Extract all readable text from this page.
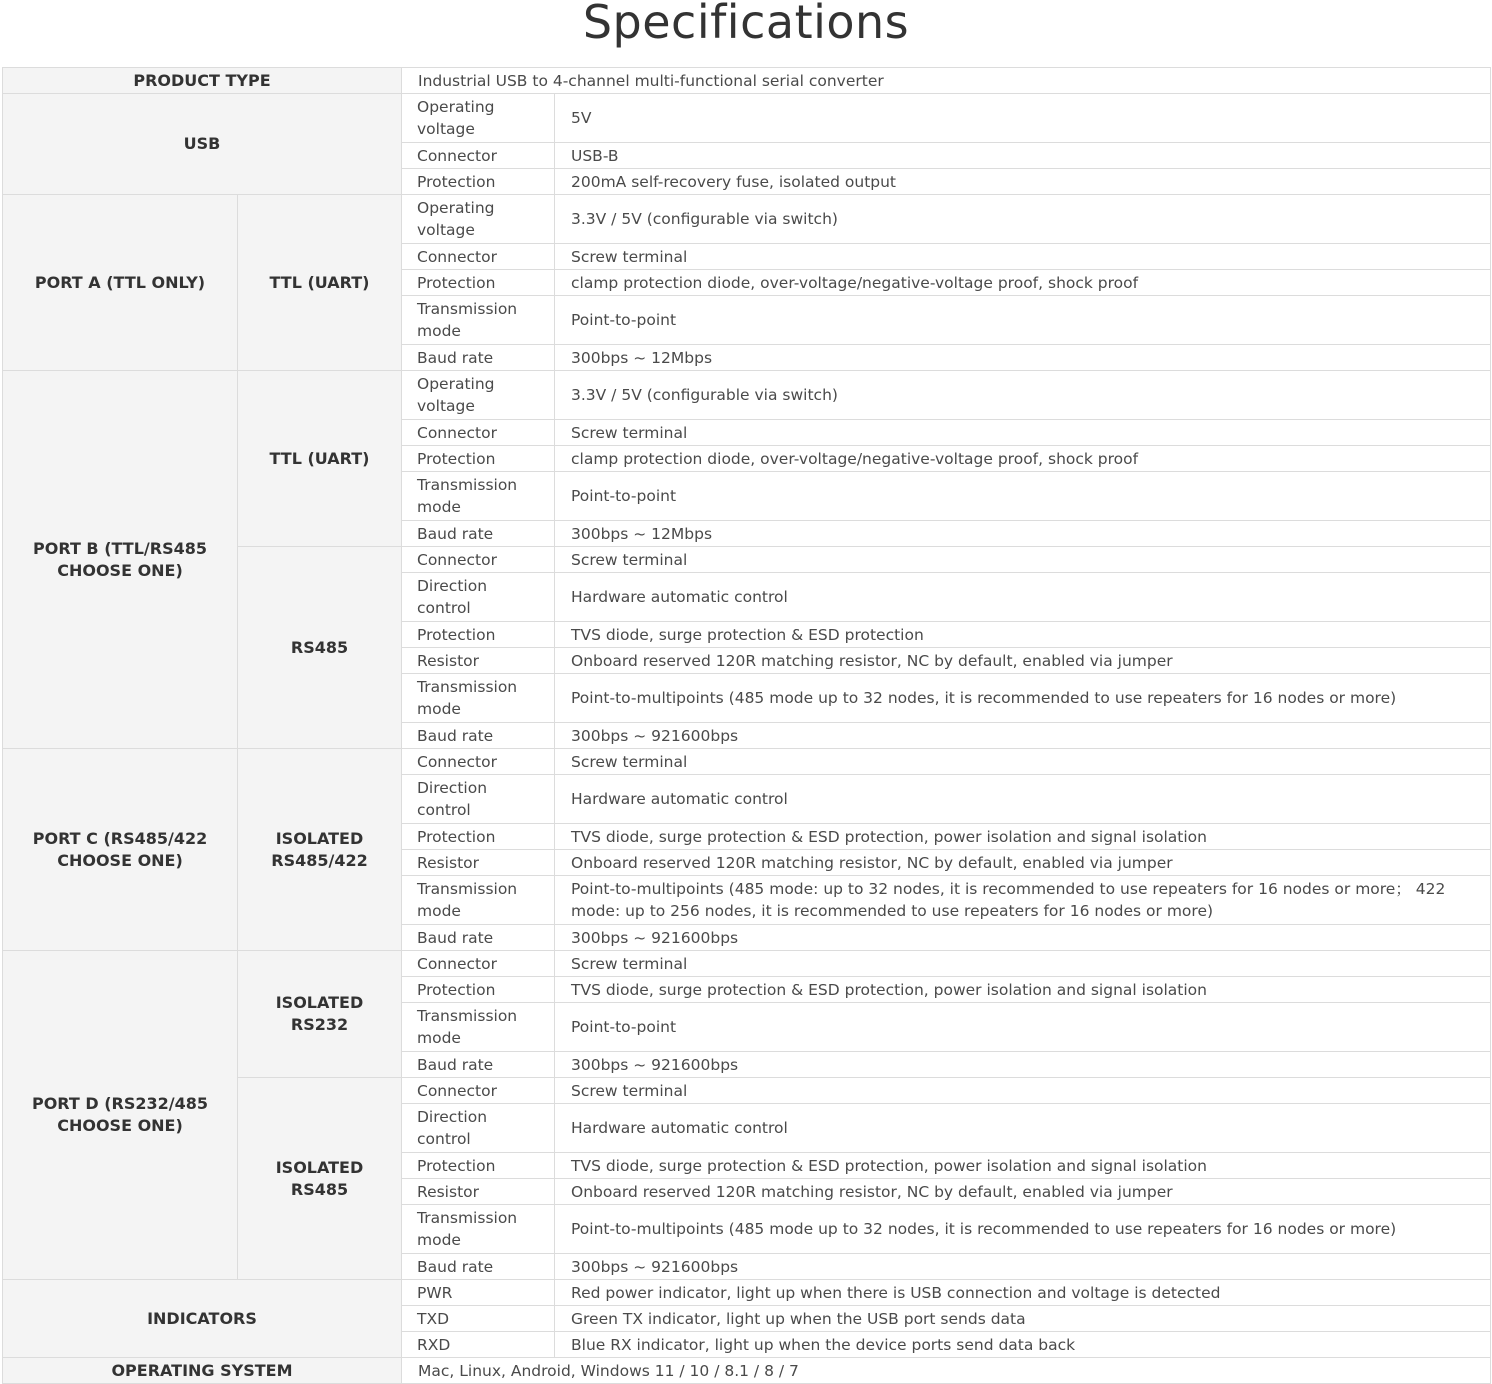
Specifications
PRODUCT TYPE		Industrial USB to 4-channel multi-functional serial converter	
USB		Operating voltage	5V
		Connector	USB-B
		Protection	200mA self-recovery fuse, isolated output
PORT A (TTL ONLY)	TTL (UART)	Operating voltage	3.3V / 5V (configurable via switch)
		Connector	Screw terminal
		Protection	clamp protection diode, over-voltage/negative-voltage proof, shock proof
		Transmission mode	Point-to-point
		Baud rate	300bps ~ 12Mbps
PORT B (TTL/RS485 CHOOSE ONE)	TTL (UART)	Operating voltage	3.3V / 5V (configurable via switch)
		Connector	Screw terminal
		Protection	clamp protection diode, over-voltage/negative-voltage proof, shock proof
		Transmission mode	Point-to-point
		Baud rate	300bps ~ 12Mbps
	RS485	Connector	Screw terminal
		Direction control	Hardware automatic control
		Protection	TVS diode, surge protection & ESD protection
		Resistor	Onboard reserved 120R matching resistor, NC by default, enabled via jumper
		Transmission mode	Point-to-multipoints (485 mode up to 32 nodes, it is recommended to use repeaters for 16 nodes or more)
		Baud rate	300bps ~ 921600bps
PORT C (RS485/422 CHOOSE ONE)	ISOLATED RS485/422	Connector	Screw terminal
		Direction control	Hardware automatic control
		Protection	TVS diode, surge protection & ESD protection, power isolation and signal isolation
		Resistor	Onboard reserved 120R matching resistor, NC by default, enabled via jumper
		Transmission mode	Point-to-multipoints (485 mode: up to 32 nodes, it is recommended to use repeaters for 16 nodes or more； 422 mode: up to 256 nodes, it is recommended to use repeaters for 16 nodes or more)
		Baud rate	300bps ~ 921600bps
PORT D (RS232/485 CHOOSE ONE)	ISOLATED RS232	Connector	Screw terminal
		Protection	TVS diode, surge protection & ESD protection, power isolation and signal isolation
		Transmission mode	Point-to-point
		Baud rate	300bps ~ 921600bps
	ISOLATED RS485	Connector	Screw terminal
		Direction control	Hardware automatic control
		Protection	TVS diode, surge protection & ESD protection, power isolation and signal isolation
		Resistor	Onboard reserved 120R matching resistor, NC by default, enabled via jumper
		Transmission mode	Point-to-multipoints (485 mode up to 32 nodes, it is recommended to use repeaters for 16 nodes or more)
		Baud rate	300bps ~ 921600bps
INDICATORS		PWR	Red power indicator, light up when there is USB connection and voltage is detected
		TXD	Green TX indicator, light up when the USB port sends data
		RXD	Blue RX indicator, light up when the device ports send data back
OPERATING SYSTEM		Mac, Linux, Android, Windows 11 / 10 / 8.1 / 8 / 7	
